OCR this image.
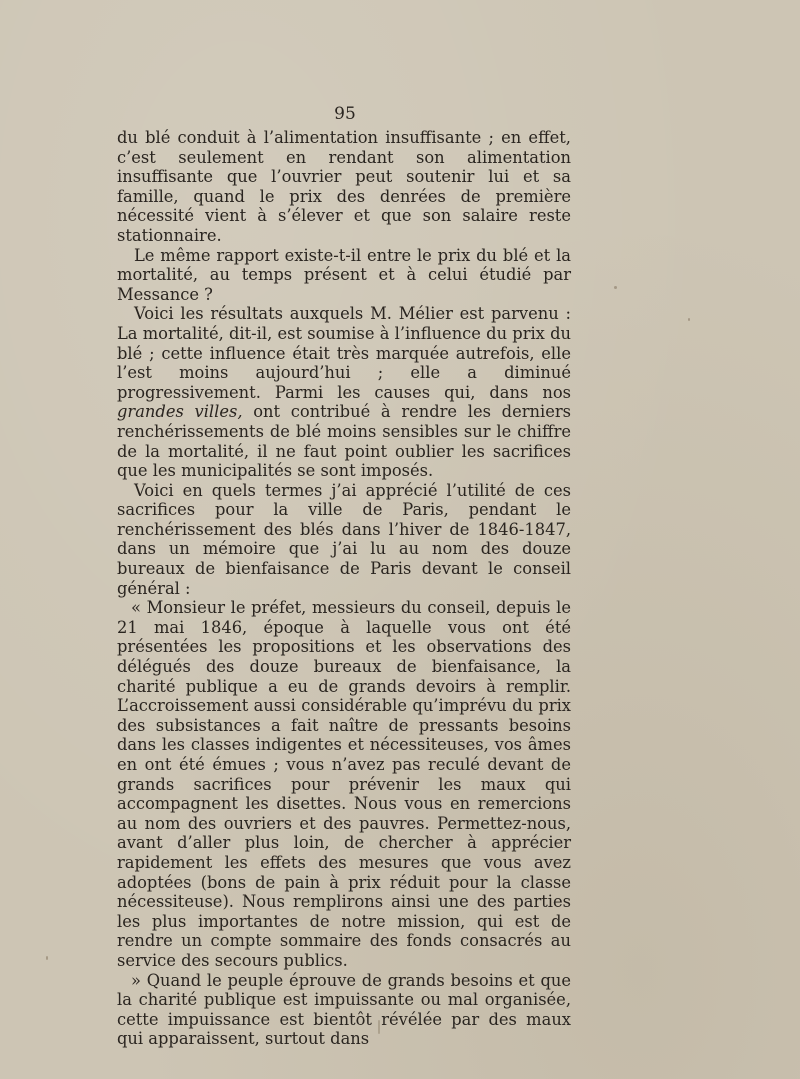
95

du blé conduit à l’alimentation insuffisante ; en effet, c’est seulement en rendant son alimentation insuffisante que l’ouvrier peut soutenir lui et sa famille, quand le prix des denrées de première nécessité vient à s’élever et que son salaire reste stationnaire.

Le même rapport existe-t-il entre le prix du blé et la mortalité, au temps présent et à celui étudié par Messance ?

Voici les résultats auxquels M. Mélier est parvenu : La mortalité, dit-il, est soumise à l’influence du prix du blé ; cette influence était très marquée autrefois, elle l’est moins aujourd’hui ; elle a diminué progressivement. Parmi les causes qui, dans nos grandes villes, ont contribué à rendre les derniers renchérissements de blé moins sensibles sur le chiffre de la mortalité, il ne faut point oublier les sacrifices que les municipalités se sont imposés.

Voici en quels termes j’ai apprécié l’utilité de ces sacrifices pour la ville de Paris, pendant le renchérissement des blés dans l’hiver de 1846-1847, dans un mémoire que j’ai lu au nom des douze bureaux de bienfaisance de Paris devant le conseil général :

« Monsieur le préfet, messieurs du conseil, depuis le 21 mai 1846, époque à laquelle vous ont été présentées les propositions et les observations des délégués des douze bureaux de bienfaisance, la charité publique a eu de grands devoirs à remplir. L’accroissement aussi considérable qu’imprévu du prix des subsistances a fait naître de pressants besoins dans les classes indigentes et nécessiteuses, vos âmes en ont été émues ; vous n’avez pas reculé devant de grands sacrifices pour prévenir les maux qui accompagnent les disettes. Nous vous en remercions au nom des ouvriers et des pauvres. Permettez-nous, avant d’aller plus loin, de chercher à apprécier rapidement les effets des mesures que vous avez adoptées (bons de pain à prix réduit pour la classe nécessiteuse). Nous remplirons ainsi une des parties les plus importantes de notre mission, qui est de rendre un compte sommaire des fonds consacrés au service des secours publics.

» Quand le peuple éprouve de grands besoins et que la charité publique est impuissante ou mal organisée, cette impuissance est bientôt révélée par des maux qui apparaissent, surtout dans
